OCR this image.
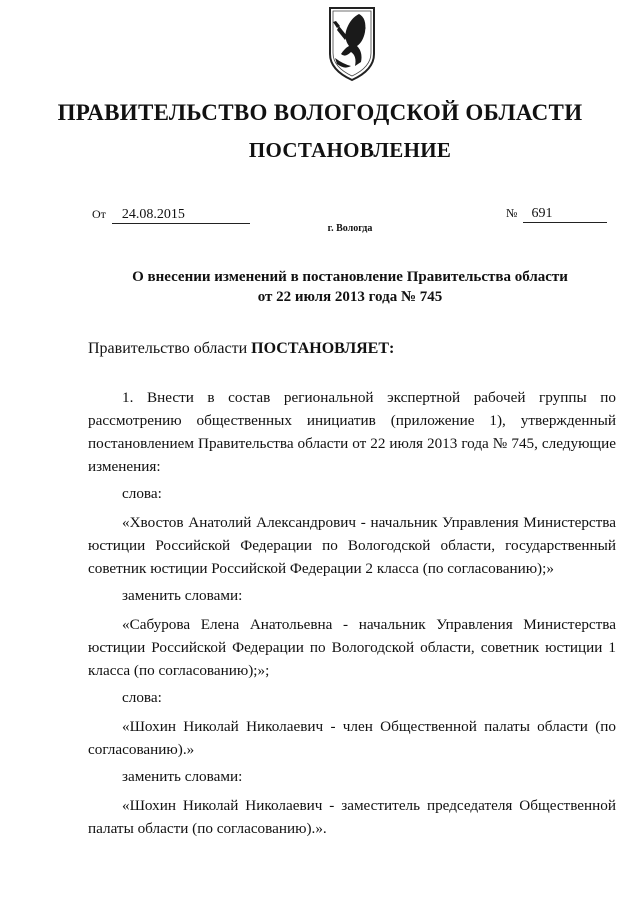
ПРАВИТЕЛЬСТВО ВОЛОГОДСКОЙ ОБЛАСТИ
ПОСТАНОВЛЕНИЕ
От 24.08.2015	№ 691
г. Вологда
О внесении изменений в постановление Правительства области
от 22 июля 2013 года № 745
Правительство области ПОСТАНОВЛЯЕТ:

1. Внести в состав региональной экспертной рабочей группы по рассмотрению общественных инициатив (приложение 1), утвержденный постановлением Правительства области от 22 июля 2013 года № 745, следующие изменения:

слова:

«Хвостов Анатолий Александрович - начальник Управления Министерства юстиции Российской Федерации по Вологодской области, государственный советник юстиции Российской Федерации 2 класса (по согласованию);»

заменить словами:

«Сабурова Елена Анатольевна - начальник Управления Министерства юстиции Российской Федерации по Вологодской области, советник юстиции 1 класса (по согласованию);»;

слова:

«Шохин Николай Николаевич - член Общественной палаты области (по согласованию).»

заменить словами:

«Шохин Николай Николаевич - заместитель председателя Общественной палаты области (по согласованию).».
